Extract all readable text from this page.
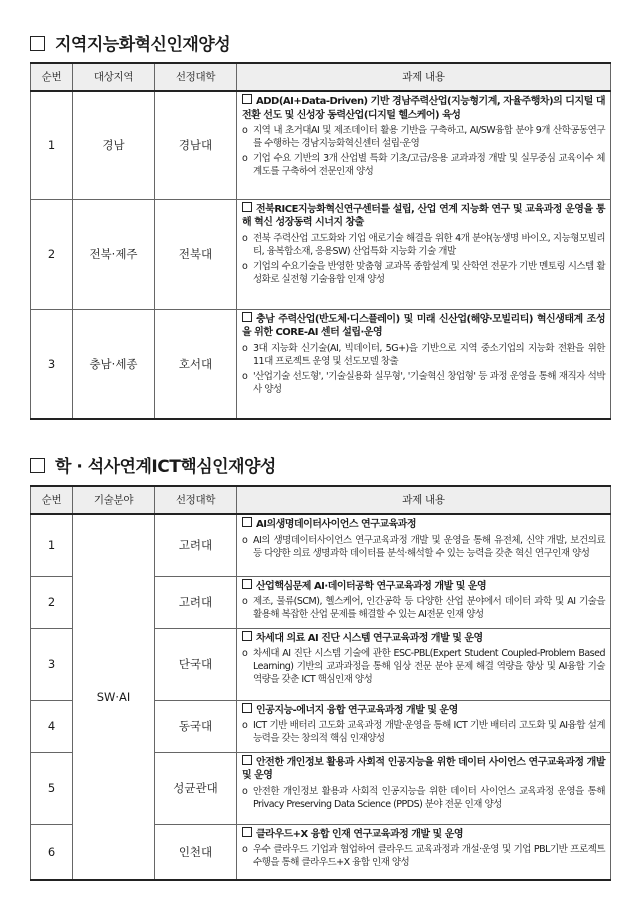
지역지능화혁신인재양성
순번	대상지역	선정대학	과제 내용
1	경남	경남대	ADD(AI+Data-Driven) 기반 경남주력산업(지능형기계, 자율주행차)의 디지털 대전환 선도 및 신성장 동력산업(디지털 헬스케어) 육성
o 지역 내 초거대AI 및 제조데이터 활용 기반을 구축하고, AI/SW융합 분야 9개 산학공동연구를 수행하는 경남지능화혁신센터 설립·운영
o 기업 수요 기반의 3개 산업별 특화 기초/고급/응용 교과과정 개발 및 실무중심 교육이수 체계도를 구축하여 전문인재 양성

2	전북·제주	전북대	전북RICE지능화혁신연구센터를 설립, 산업 연계 지능화 연구 및 교육과정 운영을 통해 혁신 성장동력 시너지 창출
o 전북 주력산업 고도화와 기업 애로기술 해결을 위한 4개 분야(농생명 바이오, 지능형모빌리티, 융복합소재, 응용SW) 산업특화 지능화 기술 개발
o 기업의 수요기술을 반영한 맞춤형 교과목 종합설계 및 산학연 전문가 기반 멘토링 시스템 활성화로 실전형 기술융합 인재 양성

3	충남·세종	호서대	충남 주력산업(반도체·디스플레이) 및 미래 신산업(해양·모빌리티) 혁신생태계 조성을 위한 CORE-AI 센터 설립·운영
o 3대 지능화 신기술(AI, 빅데이터, 5G+)을 기반으로 지역 중소기업의 지능화 전환을 위한 11대 프로젝트 운영 및 선도모델 창출
o '산업기술 선도형', '기술실용화 실무형', '기술혁신 창업형' 등 과정 운영을 통해 재직자 석박사 양성
학 · 석사연계ICT핵심인재양성
순번	기술분야	선정대학	과제 내용
1	SW·AI	고려대	AI의생명데이터사이언스 연구교육과정
o AI의 생명데이터사이언스 연구교육과정 개발 및 운영을 통해 유전체, 신약 개발, 보건의료 등 다양한 의료 생명과학 데이터를 분석·해석할 수 있는 능력을 갖춘 혁신 연구인재 양성

2		고려대	산업핵심문제 AI·데이터공학 연구교육과정 개발 및 운영
o 제조, 물류(SCM), 헬스케어, 인간공학 등 다양한 산업 분야에서 데이터 과학 및 AI 기술을 활용해 복잡한 산업 문제를 해결할 수 있는 AI전문 인재 양성

3		단국대	차세대 의료 AI 진단 시스템 연구교육과정 개발 및 운영
o 차세대 AI 진단 시스템 기술에 관한 ESC-PBL(Expert Student Coupled-Problem Based Learning) 기반의 교과과정을 통해 임상 전문 분야 문제 해결 역량을 향상 및 AI융합 기술 역량을 갖춘 ICT 핵심인재 양성

4		동국대	인공지능-에너지 융합 연구교육과정 개발 및 운영
o ICT 기반 배터리 고도화 교육과정 개발·운영을 통해 ICT 기반 배터리 고도화 및 AI융합 설계 능력을 갖는 창의적 핵심 인재양성

5		성균관대	안전한 개인정보 활용과 사회적 인공지능을 위한 데이터 사이언스 연구교육과정 개발 및 운영
o 안전한 개인정보 활용과 사회적 인공지능을 위한 데이터 사이언스 교육과정 운영을 통해 Privacy Preserving Data Science (PPDS) 분야 전문 인재 양성

6		인천대	클라우드+X 융합 인재 연구교육과정 개발 및 운영
o 우수 클라우드 기업과 협업하여 클라우드 교육과정과 개설·운영 및 기업 PBL기반 프로젝트 수행을 통해 클라우드+X 융합 인재 양성
